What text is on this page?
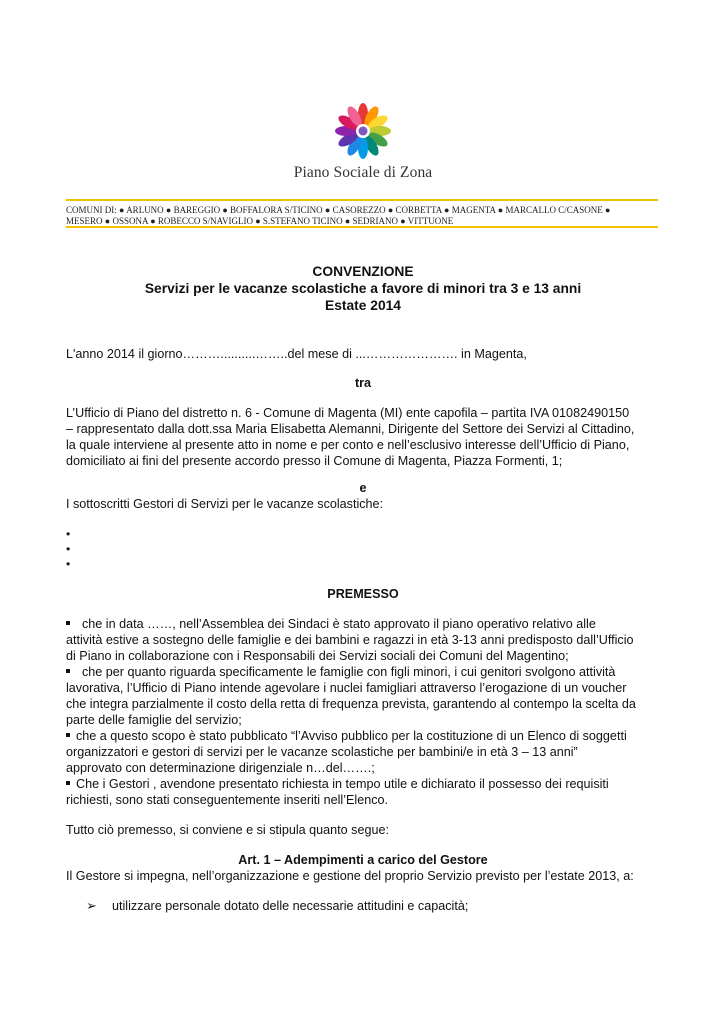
Piano Sociale di Zona
COMUNI DI: ● ARLUNO ● BAREGGIO ● BOFFALORA S/TICINO ● CASOREZZO ● CORBETTA ● MAGENTA ● MARCALLO C/CASONE ●
MESERO ● OSSONA ● ROBECCO S/NAVIGLIO ● S.STEFANO TICINO ● SEDRIANO ● VITTUONE
CONVENZIONE
Servizi per le vacanze scolastiche a favore di minori tra 3 e 13 anni
Estate 2014
L'anno 2014 il giorno………..........……..del mese di ...…………………. in Magenta,
tra
L’Ufficio di Piano del distretto n. 6 - Comune di Magenta (MI) ente capofila – partita IVA 01082490150
– rappresentato dalla dott.ssa Maria Elisabetta Alemanni, Dirigente del Settore dei Servizi al Cittadino,
la quale interviene al presente atto in nome e per conto e nell’esclusivo interesse dell’Ufficio di Piano,
domiciliato ai fini del presente accordo presso il Comune di Magenta, Piazza Formenti, 1;
e
I sottoscritti Gestori di Servizi per le vacanze scolastiche:
•
•
•
PREMESSO
che in data ……, nell’Assemblea dei Sindaci è stato approvato il piano operativo relativo alle
attività estive a sostegno delle famiglie e dei bambini e ragazzi in età 3-13 anni predisposto dall’Ufficio
di Piano in collaborazione con i Responsabili dei Servizi sociali dei Comuni del Magentino;
che per quanto riguarda specificamente le famiglie con figli minori, i cui genitori svolgono attività
lavorativa, l’Ufficio di Piano intende agevolare i nuclei famigliari attraverso l’erogazione di un voucher
che integra parzialmente il costo della retta di frequenza prevista, garantendo al contempo la scelta da
parte delle famiglie del servizio;
che a questo scopo è stato pubblicato “l’Avviso pubblico per la costituzione di un Elenco di soggetti
organizzatori e gestori di servizi per le vacanze scolastiche per bambini/e in età 3 – 13 anni”
approvato con determinazione dirigenziale n…del…….;
Che i Gestori , avendone presentato richiesta in tempo utile e dichiarato il possesso dei requisiti
richiesti, sono stati conseguentemente inseriti nell’Elenco.
Tutto ciò premesso, si conviene e si stipula quanto segue:
Art. 1 – Adempimenti a carico del Gestore
Il Gestore si impegna, nell’organizzazione e gestione del proprio Servizio previsto per l’estate 2013, a:
➢ utilizzare personale dotato delle necessarie attitudini e capacità;
